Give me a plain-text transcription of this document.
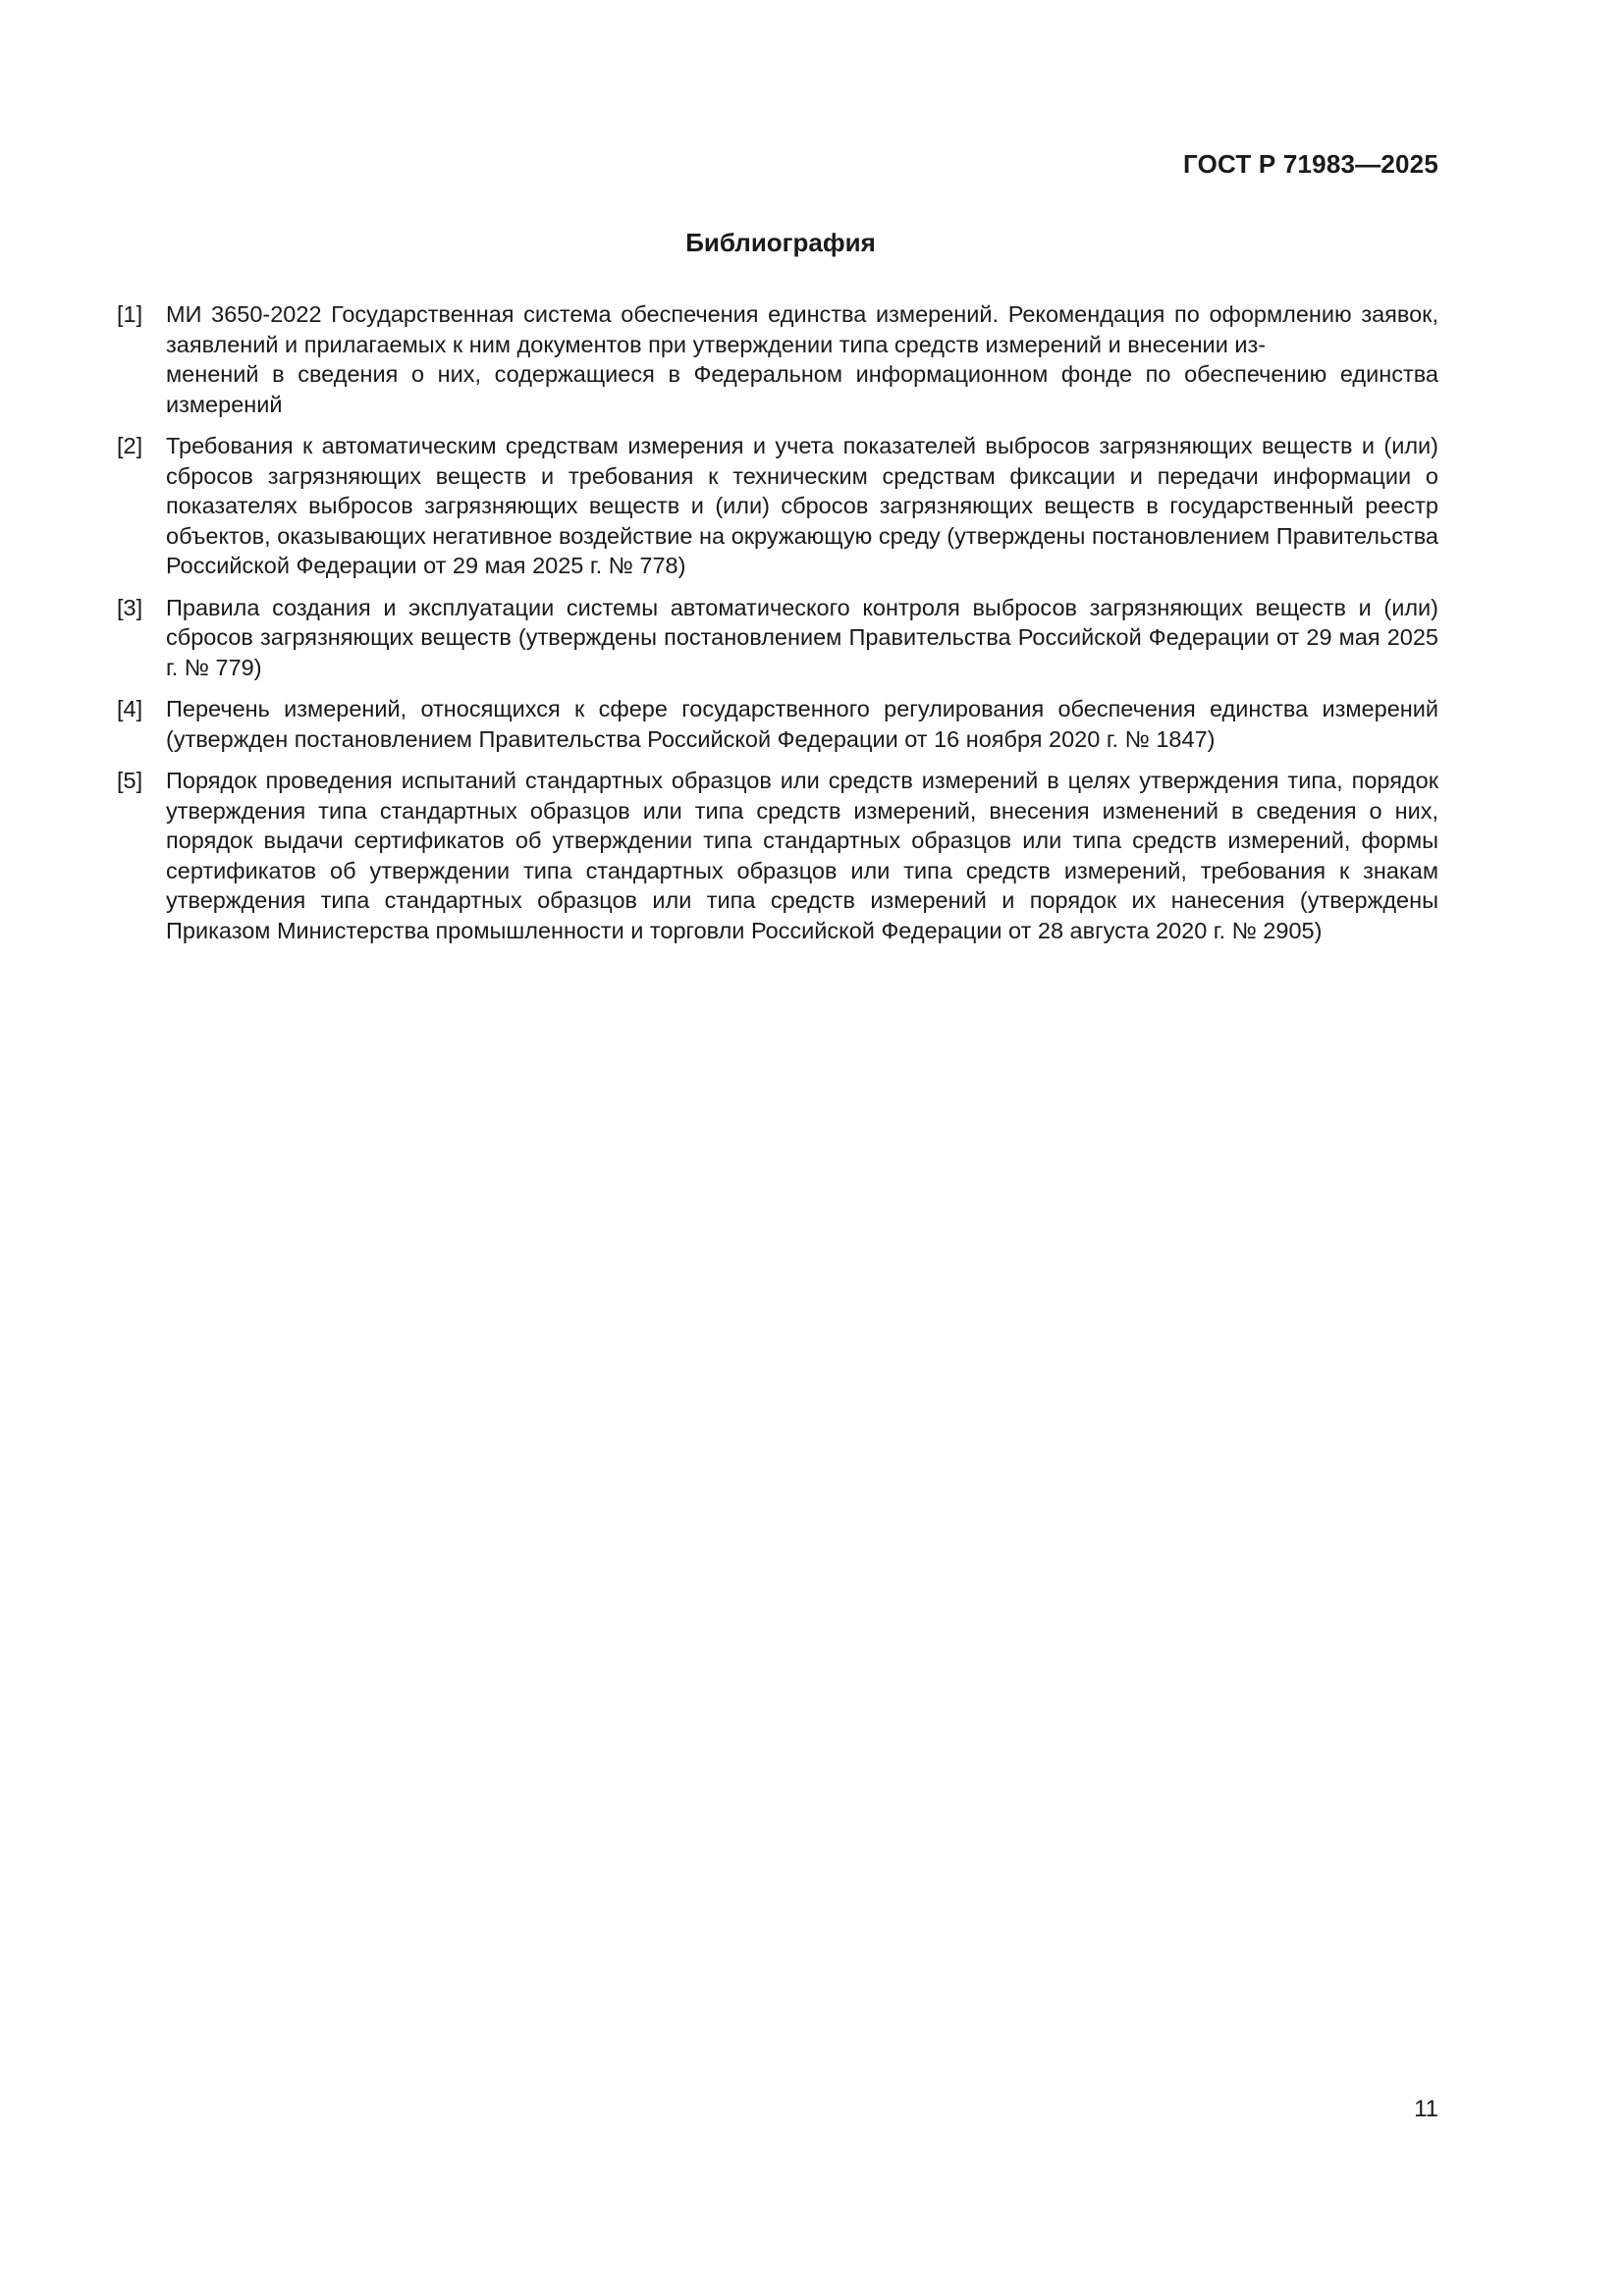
ГОСТ Р 71983—2025
Библиография
[1]	МИ 3650-2022 Государственная система обеспечения единства измерений. Рекомендация по оформлению заявок, заявлений и прилагаемых к ним документов при утверждении типа средств измерений и внесении из-
менений в сведения о них, содержащиеся в Федеральном информационном фонде по обеспечению единства измерений
[2]	Требования к автоматическим средствам измерения и учета показателей выбросов загрязняющих веществ и (или) сбросов загрязняющих веществ и требования к техническим средствам фиксации и передачи информации о показателях выбросов загрязняющих веществ и (или) сбросов загрязняющих веществ в государственный реестр объектов, оказывающих негативное воздействие на окружающую среду (утверждены постановлением Правительства Российской Федерации от 29 мая 2025 г. № 778)
[3]	Правила создания и эксплуатации системы автоматического контроля выбросов загрязняющих веществ и (или) сбросов загрязняющих веществ (утверждены постановлением Правительства Российской Федерации от 29 мая 2025 г. № 779)
[4]	Перечень измерений, относящихся к сфере государственного регулирования обеспечения единства измерений (утвержден постановлением Правительства Российской Федерации от 16 ноября 2020 г. № 1847)
[5]	Порядок проведения испытаний стандартных образцов или средств измерений в целях утверждения типа, порядок утверждения типа стандартных образцов или типа средств измерений, внесения изменений в сведения о них, порядок выдачи сертификатов об утверждении типа стандартных образцов или типа средств измерений, формы сертификатов об утверждении типа стандартных образцов или типа средств измерений, требования к знакам утверждения типа стандартных образцов или типа средств измерений и порядок их нанесения (утверждены Приказом Министерства промышленности и торговли Российской Федерации от 28 августа 2020 г. № 2905)
11
